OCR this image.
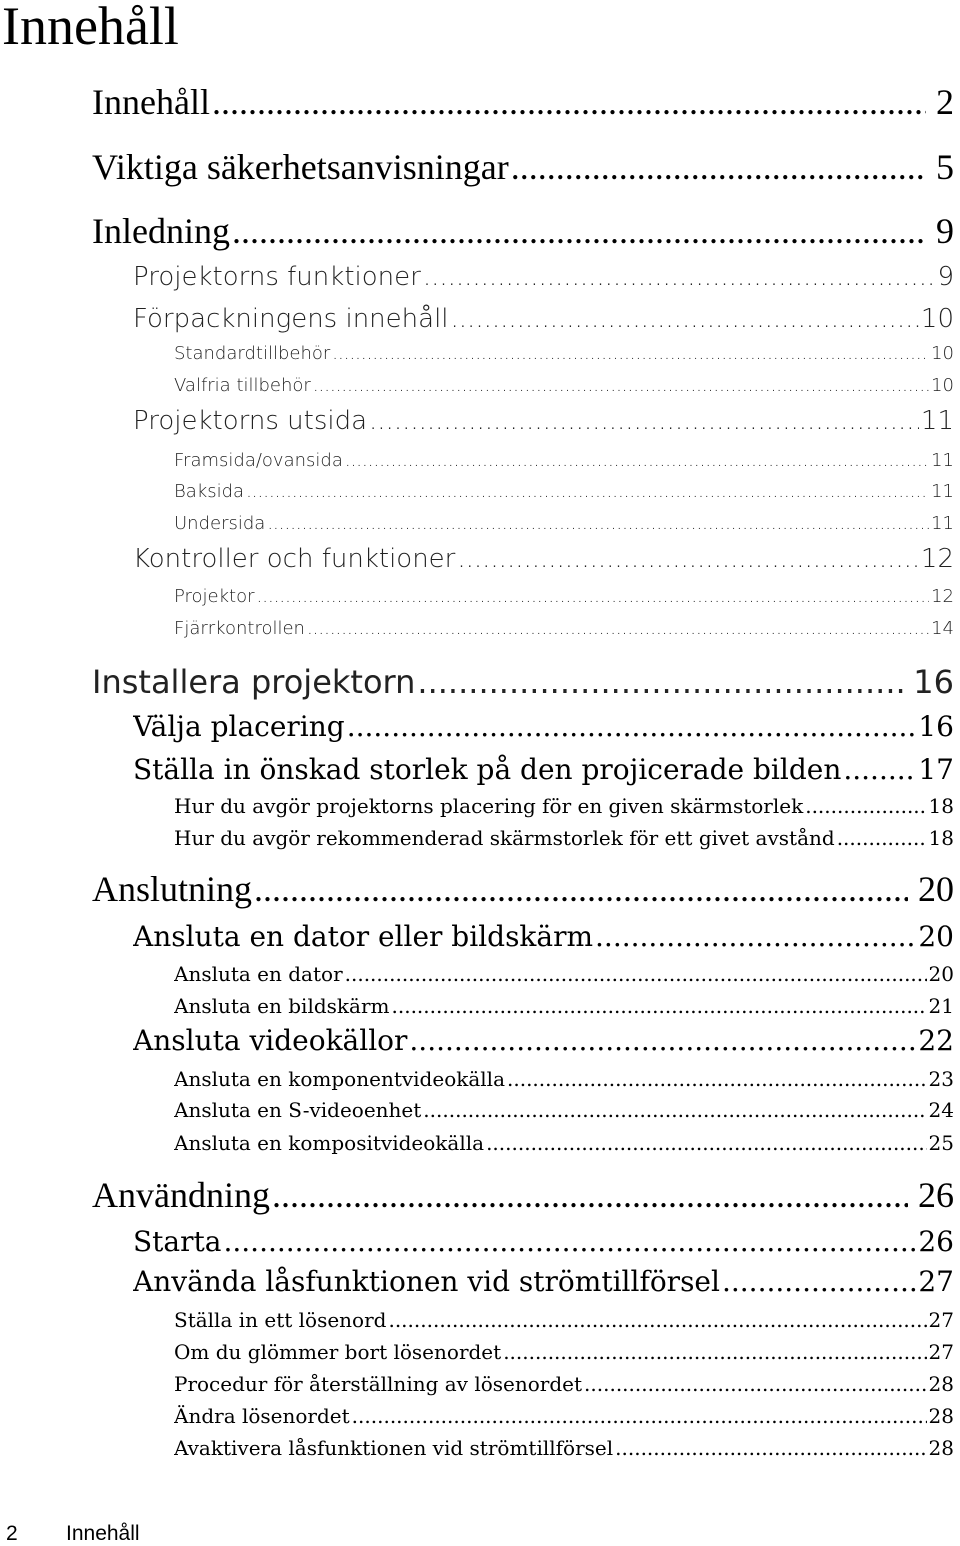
Innehåll
Innehåll .....	2
Viktiga säkerhetsanvisningar .....	5
Inledning .....	9
Projektorns funktioner .....	9
Förpackningens innehåll .....	10
Standardtillbehör .....	10
Valfria tillbehör .....	10
Projektorns utsida .....	11
Framsida/ovansida .....	11
Baksida .....	11
Undersida .....	11
Kontroller och funktioner .....	12
Projektor .....	12
Fjärrkontrollen .....	14
Installera projektorn .....	16
Välja placering .....	16
Ställa in önskad storlek på den projicerade bilden .....	17
Hur du avgör projektorns placering för en given skärmstorlek .....	18
Hur du avgör rekommenderad skärmstorlek för ett givet avstånd .....	18
Anslutning .....	20
Ansluta en dator eller bildskärm .....	20
Ansluta en dator .....	20
Ansluta en bildskärm .....	21
Ansluta videokällor .....	22
Ansluta en komponentvideokälla .....	23
Ansluta en S-videoenhet .....	24
Ansluta en kompositvideokälla .....	25
Användning .....	26
Starta .....	26
Använda låsfunktionen vid strömtillförsel .....	27
Ställa in ett lösenord .....	27
Om du glömmer bort lösenordet .....	27
Procedur för återställning av lösenordet .....	28
Ändra lösenordet .....	28
Avaktivera låsfunktionen vid strömtillförsel .....	28
2 Innehåll
